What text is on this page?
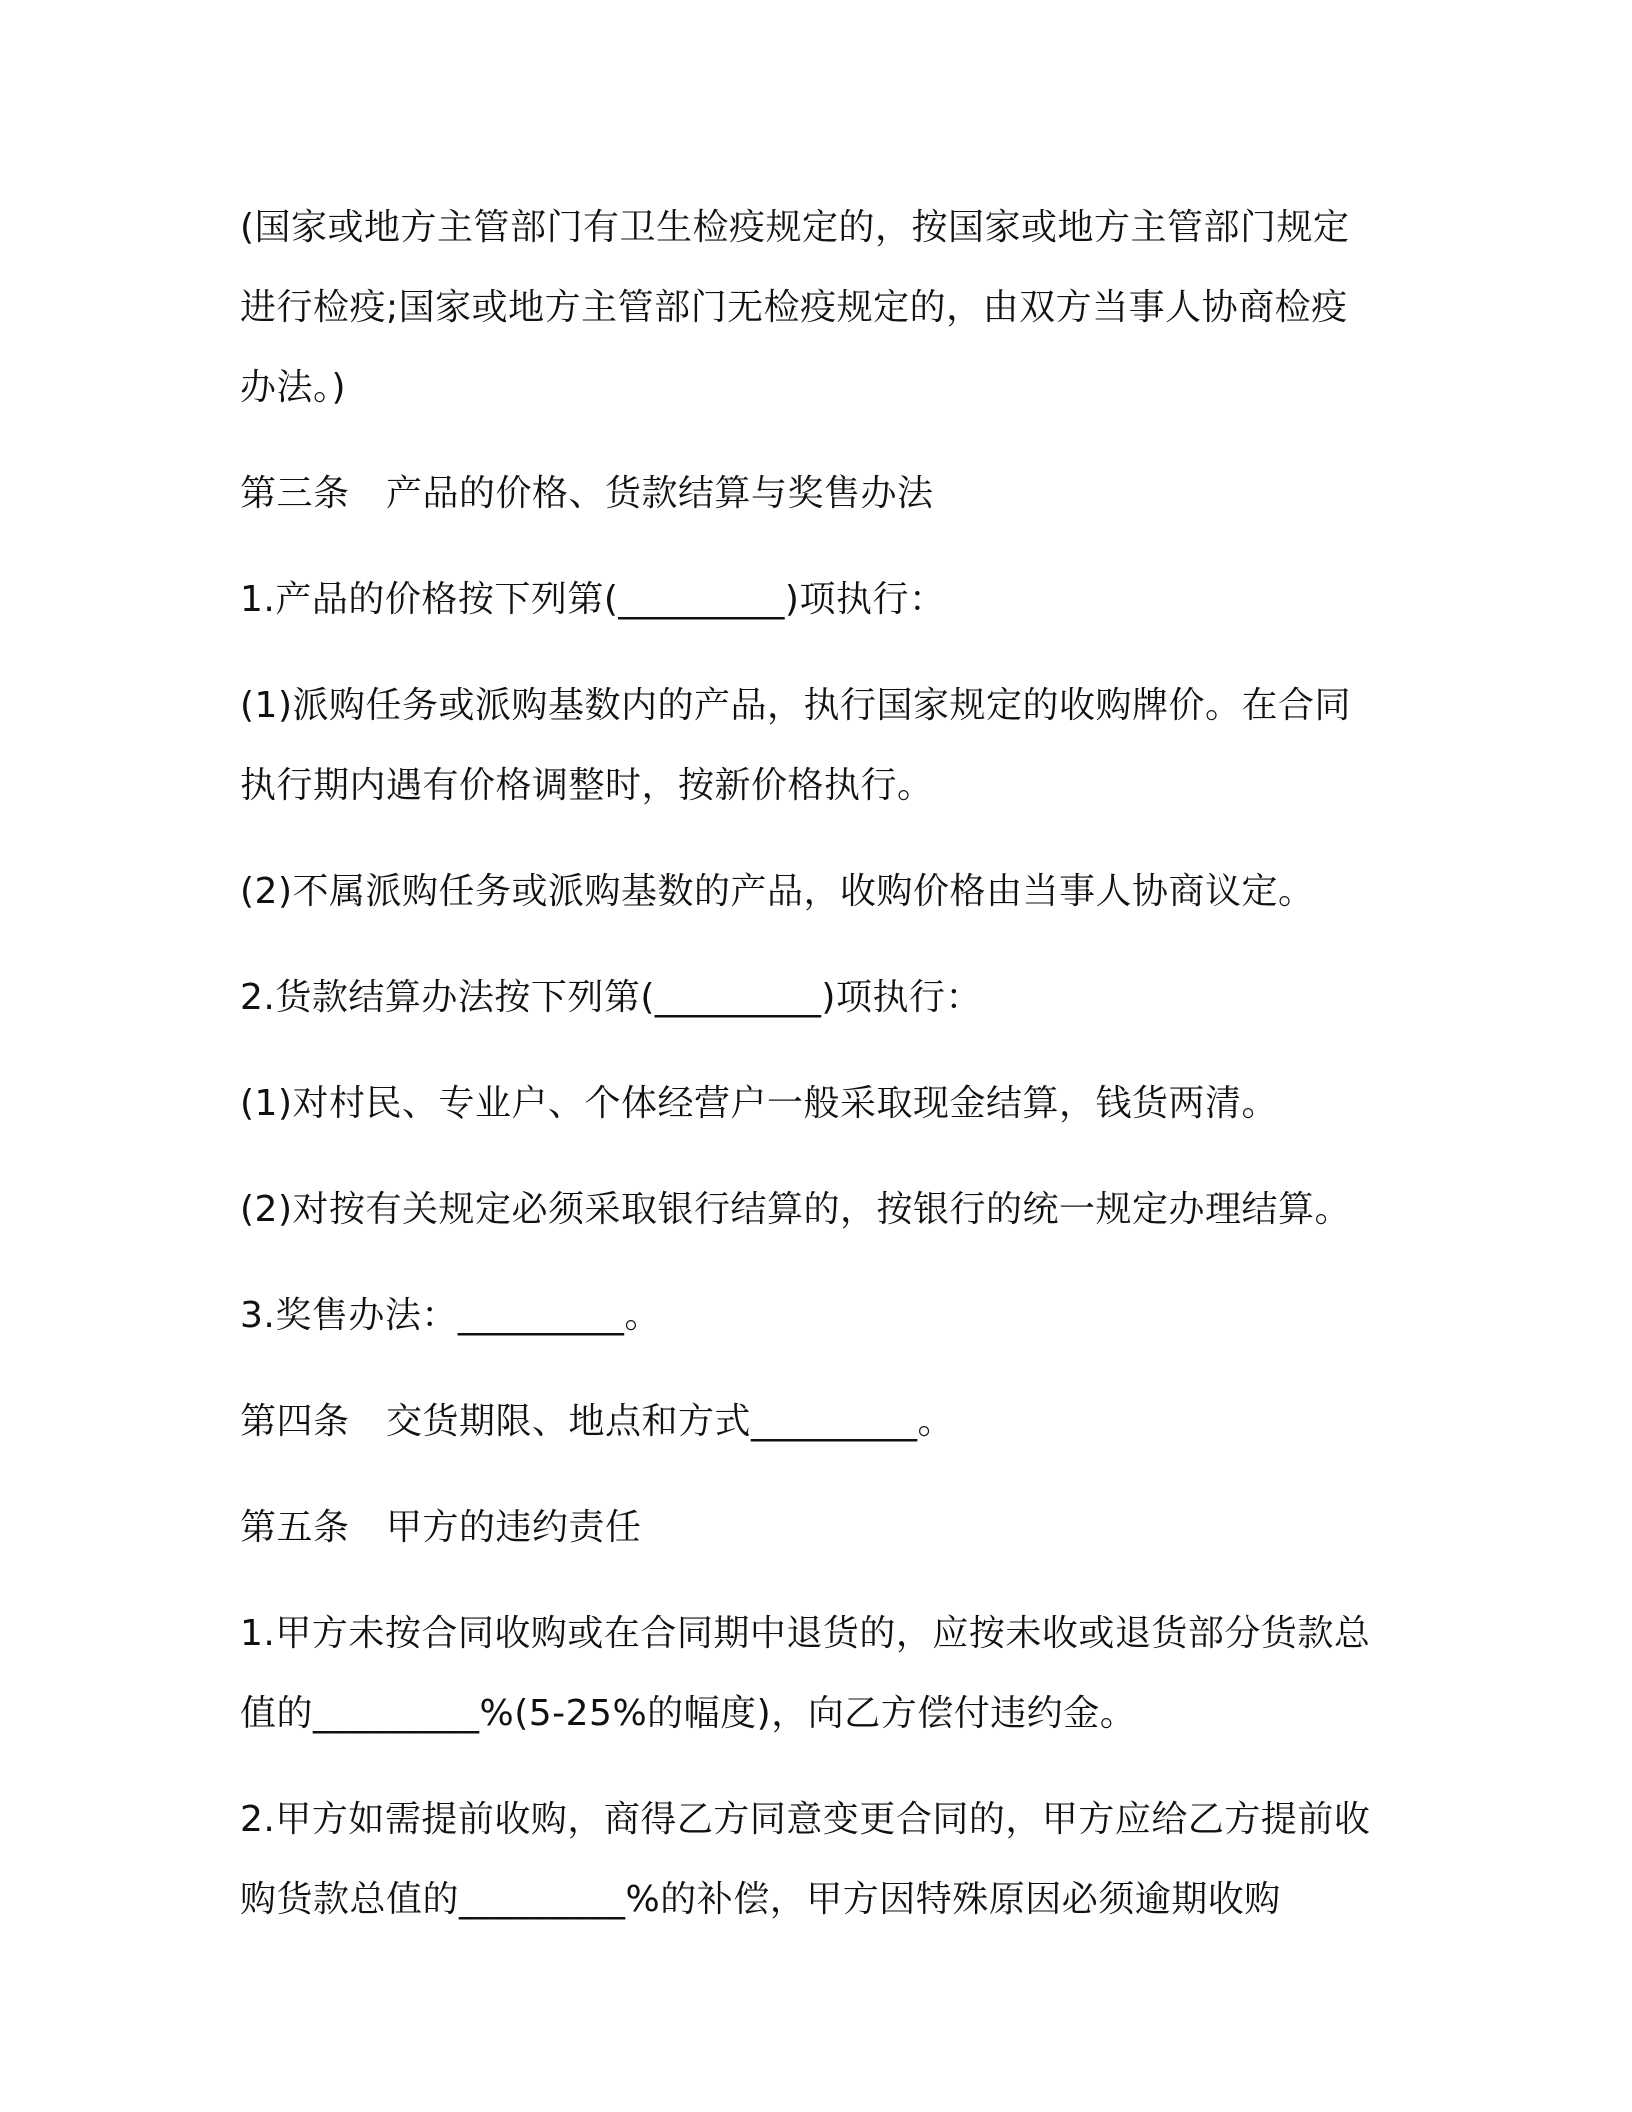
(国家或地方主管部门有卫生检疫规定的，按国家或地方主管部门规定进行检疫;国家或地方主管部门无检疫规定的，由双方当事人协商检疫办法。)

第三条　产品的价格、货款结算与奖售办法

1.产品的价格按下列第(_________)项执行：

(1)派购任务或派购基数内的产品，执行国家规定的收购牌价。在合同执行期内遇有价格调整时，按新价格执行。

(2)不属派购任务或派购基数的产品，收购价格由当事人协商议定。

2.货款结算办法按下列第(_________)项执行：

(1)对村民、专业户、个体经营户一般采取现金结算，钱货两清。

(2)对按有关规定必须采取银行结算的，按银行的统一规定办理结算。

3.奖售办法：_________。

第四条　交货期限、地点和方式_________。

第五条　甲方的违约责任

1.甲方未按合同收购或在合同期中退货的，应按未收或退货部分货款总值的_________%(5-25%的幅度)，向乙方偿付违约金。

2.甲方如需提前收购，商得乙方同意变更合同的，甲方应给乙方提前收购货款总值的_________%的补偿，甲方因特殊原因必须逾期收购
